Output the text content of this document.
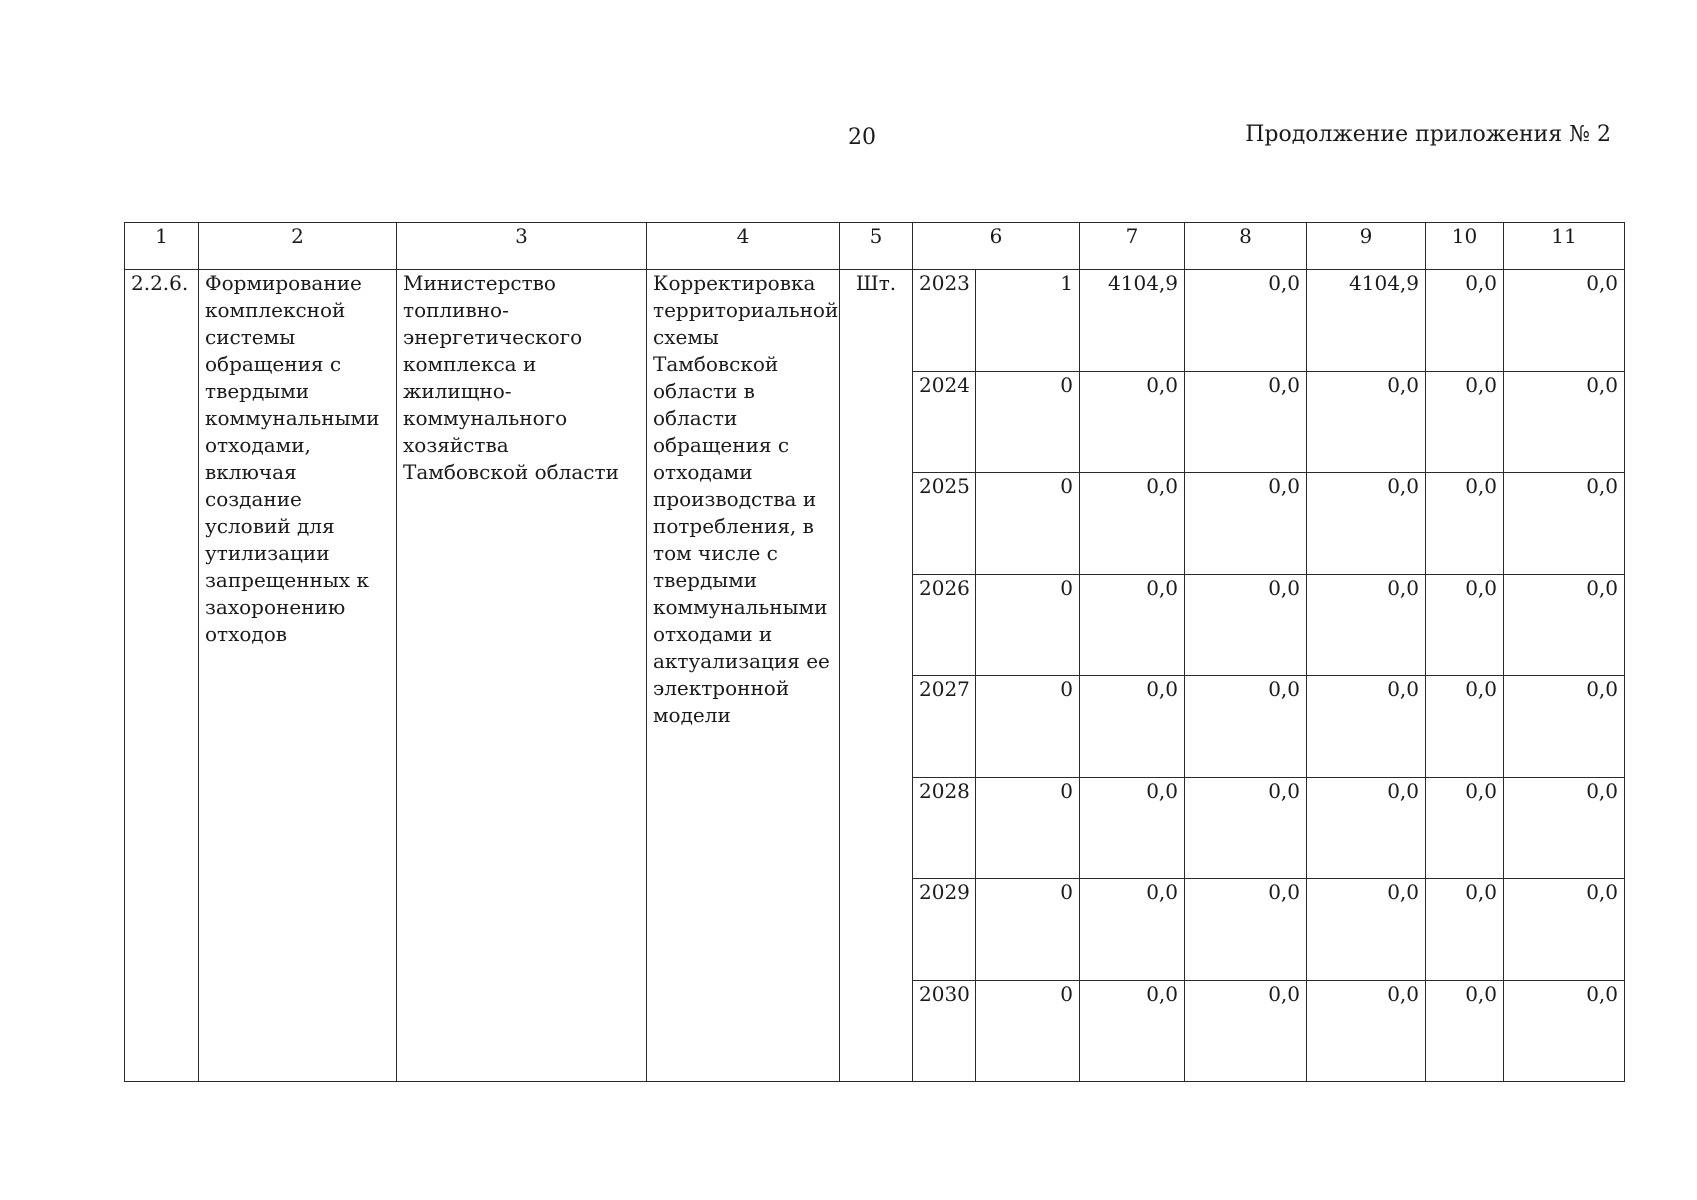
20	Продолжение приложения № 2
1	2	3	4	5	6		7	8	9	10	11
2.2.6.	Формирование комплексной системы обращения с твердыми коммунальными отходами, включая создание условий для утилизации запрещенных к захоронению отходов	Министерство топливно-энергетического комплекса и жилищно-коммунального хозяйства Тамбовской области	Корректировка территориальной схемы Тамбовской области в области обращения с отходами производства и потребления, в том числе с твердыми коммунальными отходами и актуализация ее электронной модели	Шт.	2023	1	4104,9	0,0	4104,9	0,0	0,0
					2024	0	0,0	0,0	0,0	0,0	0,0
					2025	0	0,0	0,0	0,0	0,0	0,0
					2026	0	0,0	0,0	0,0	0,0	0,0
					2027	0	0,0	0,0	0,0	0,0	0,0
					2028	0	0,0	0,0	0,0	0,0	0,0
					2029	0	0,0	0,0	0,0	0,0	0,0
					2030	0	0,0	0,0	0,0	0,0	0,0
